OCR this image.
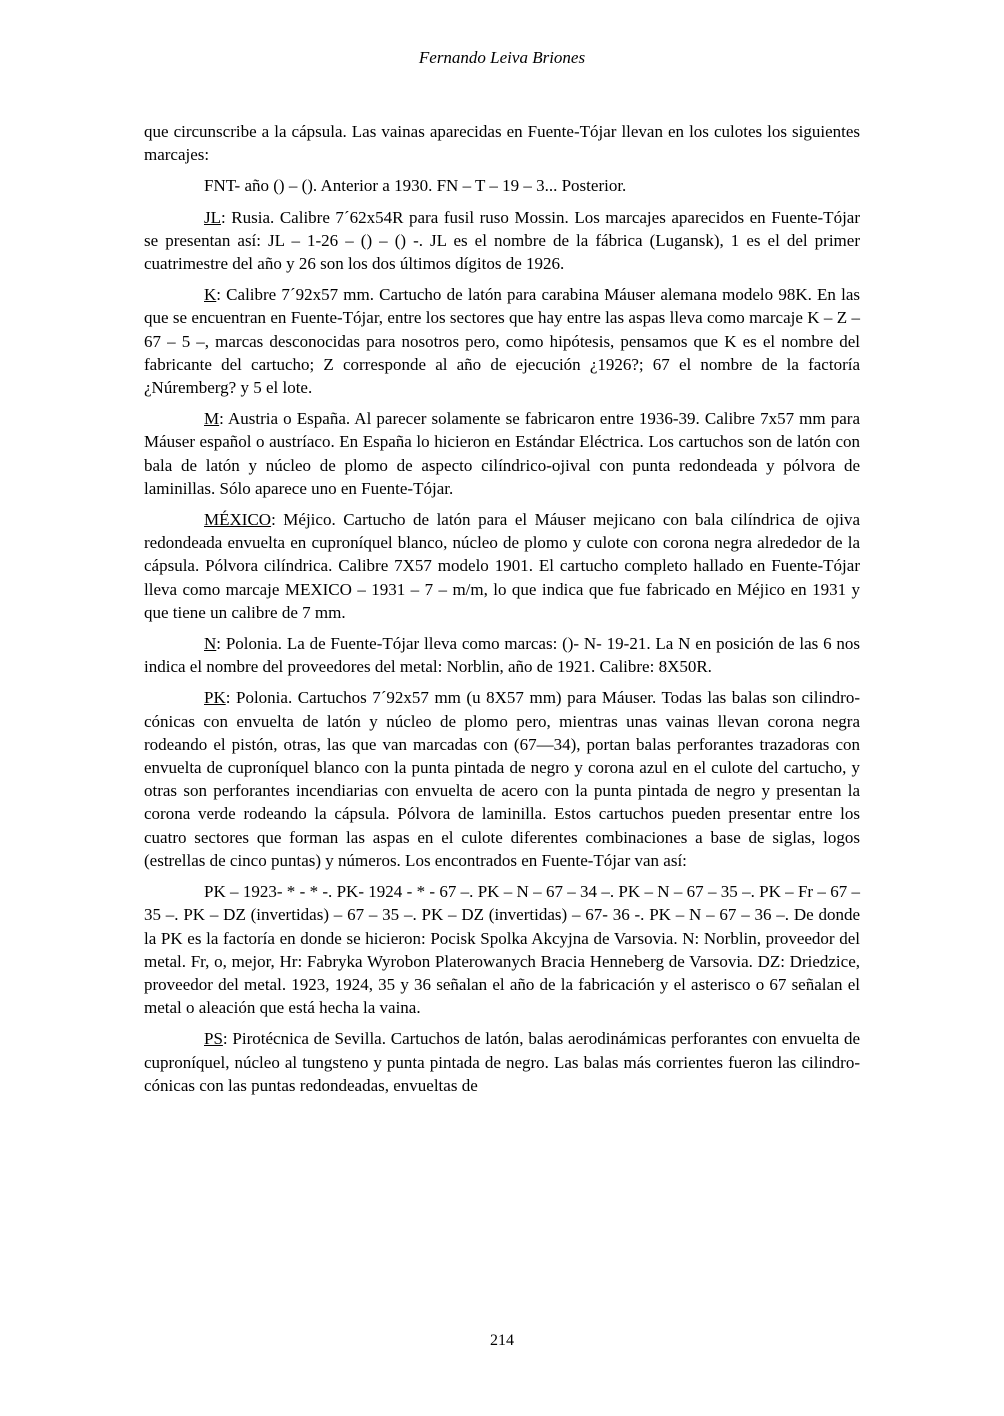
Fernando Leiva Briones

que circunscribe a la cápsula. Las vainas aparecidas en Fuente-Tójar llevan en los culotes los siguientes marcajes:

FNT- año () – (). Anterior a 1930. FN – T – 19 – 3... Posterior.

JL: Rusia. Calibre 7´62x54R para fusil ruso Mossin. Los marcajes aparecidos en Fuente-Tójar se presentan así: JL – 1-26 – () – () -. JL es el nombre de la fábrica (Lugansk), 1 es el del primer cuatrimestre del año y 26 son los dos últimos dígitos de 1926.

K: Calibre 7´92x57 mm. Cartucho de latón para carabina Máuser alemana modelo 98K. En las que se encuentran en Fuente-Tójar, entre los sectores que hay entre las aspas lleva como marcaje K – Z – 67 – 5 –, marcas desconocidas para nosotros pero, como hipótesis, pensamos que K es el nombre del fabricante del cartucho; Z corresponde al año de ejecución ¿1926?; 67 el nombre de la factoría ¿Núremberg? y 5 el lote.

M: Austria o España. Al parecer solamente se fabricaron entre 1936-39. Calibre 7x57 mm para Máuser español o austríaco. En España lo hicieron en Estándar Eléctrica. Los cartuchos son de latón con bala de latón y núcleo de plomo de aspecto cilíndrico-ojival con punta redondeada y pólvora de laminillas. Sólo aparece uno en Fuente-Tójar.

MÉXICO: Méjico. Cartucho de latón para el Máuser mejicano con bala cilíndrica de ojiva redondeada envuelta en cuproníquel blanco, núcleo de plomo y culote con corona negra alrededor de la cápsula. Pólvora cilíndrica. Calibre 7X57 modelo 1901. El cartucho completo hallado en Fuente-Tójar lleva como marcaje MEXICO – 1931 – 7 – m/m, lo que indica que fue fabricado en Méjico en 1931 y que tiene un calibre de 7 mm.

N: Polonia. La de Fuente-Tójar lleva como marcas: ()- N- 19-21. La N en posición de las 6 nos indica el nombre del proveedores del metal: Norblin, año de 1921. Calibre: 8X50R.

PK: Polonia. Cartuchos 7´92x57 mm (u 8X57 mm) para Máuser. Todas las balas son cilindro-cónicas con envuelta de latón y núcleo de plomo pero, mientras unas vainas llevan corona negra rodeando el pistón, otras, las que van marcadas con (67—34), portan balas perforantes trazadoras con envuelta de cuproníquel blanco con la punta pintada de negro y corona azul en el culote del cartucho, y otras son perforantes incendiarias con envuelta de acero con la punta pintada de negro y presentan la corona verde rodeando la cápsula. Pólvora de laminilla. Estos cartuchos pueden presentar entre los cuatro sectores que forman las aspas en el culote diferentes combinaciones a base de siglas, logos (estrellas de cinco puntas) y números. Los encontrados en Fuente-Tójar van así:

PK – 1923- * - * -. PK- 1924 - * - 67 –. PK – N – 67 – 34 –. PK – N – 67 – 35 –. PK – Fr – 67 – 35 –. PK – DZ (invertidas) – 67 – 35 –. PK – DZ (invertidas) – 67- 36 -. PK – N – 67 – 36 –. De donde la PK es la factoría en donde se hicieron: Pocisk Spolka Akcyjna de Varsovia. N: Norblin, proveedor del metal. Fr, o, mejor, Hr: Fabryka Wyrobon Platerowanych Bracia Henneberg de Varsovia. DZ: Driedzice, proveedor del metal. 1923, 1924, 35 y 36 señalan el año de la fabricación y el asterisco o 67 señalan el metal o aleación que está hecha la vaina.

PS: Pirotécnica de Sevilla. Cartuchos de latón, balas aerodinámicas perforantes con envuelta de cuproníquel, núcleo al tungsteno y punta pintada de negro. Las balas más corrientes fueron las cilindro-cónicas con las puntas redondeadas, envueltas de

214
